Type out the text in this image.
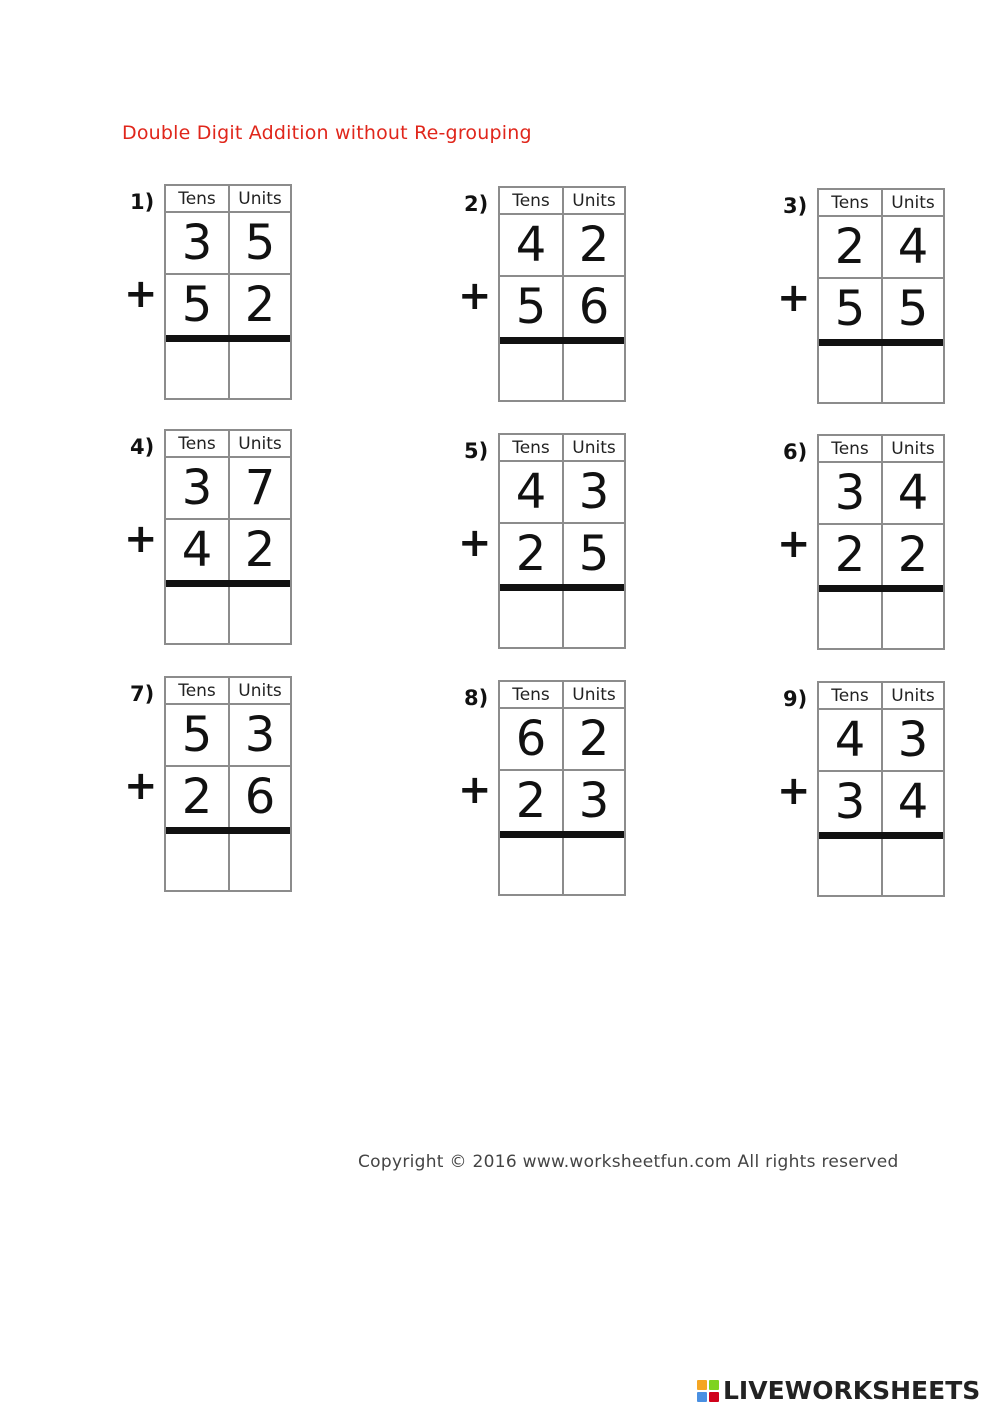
Double Digit Addition without Re-grouping
1)
+
Tens	Units
3 5
5 2
2)
+
Tens	Units
4 2
5 6
3)
+
Tens	Units
2 4
5 5
4)
+
Tens	Units
3 7
4 2
5)
+
Tens	Units
4 3
2 5
6)
+
Tens	Units
3 4
2 2
7)
+
Tens	Units
5 3
2 6
8)
+
Tens	Units
6 2
2 3
9)
+
Tens	Units
4 3
3 4
Copyright © 2016 www.worksheetfun.com All rights reserved
LIVEWORKSHEETS
